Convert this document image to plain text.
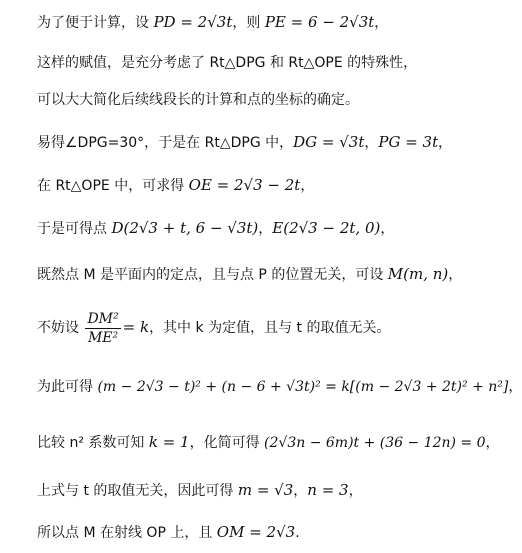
为了便于计算，设 PD = 2√3t，则 PE = 6 − 2√3t，
这样的赋值，是充分考虑了 Rt△DPG 和 Rt△OPE 的特殊性，
可以大大简化后续线段长的计算和点的坐标的确定。
易得∠DPG=30°，于是在 Rt△DPG 中，DG = √3t，PG = 3t，
在 Rt△OPE 中，可求得 OE = 2√3 − 2t，
于是可得点 D(2√3 + t, 6 − √3t)，E(2√3 − 2t, 0)，
既然点 M 是平面内的定点，且与点 P 的位置无关，可设 M(m, n)，
不妨设 $\frac{\text{DM²}}{\text{ME²}} = k$，其中 k 为定值，且与 t 的取值无关。
为此可得 (m − 2√3 − t)² + (n − 6 + √3t)² = k[(m − 2√3 + 2t)² + n²]，
比较 n² 系数可知 k = 1，化简可得 (2√3n − 6m)t + (36 − 12n) = 0，
上式与 t 的取值无关，因此可得 m = √3，n = 3，
所以点 M 在射线 OP 上，且 OM = 2√3.
